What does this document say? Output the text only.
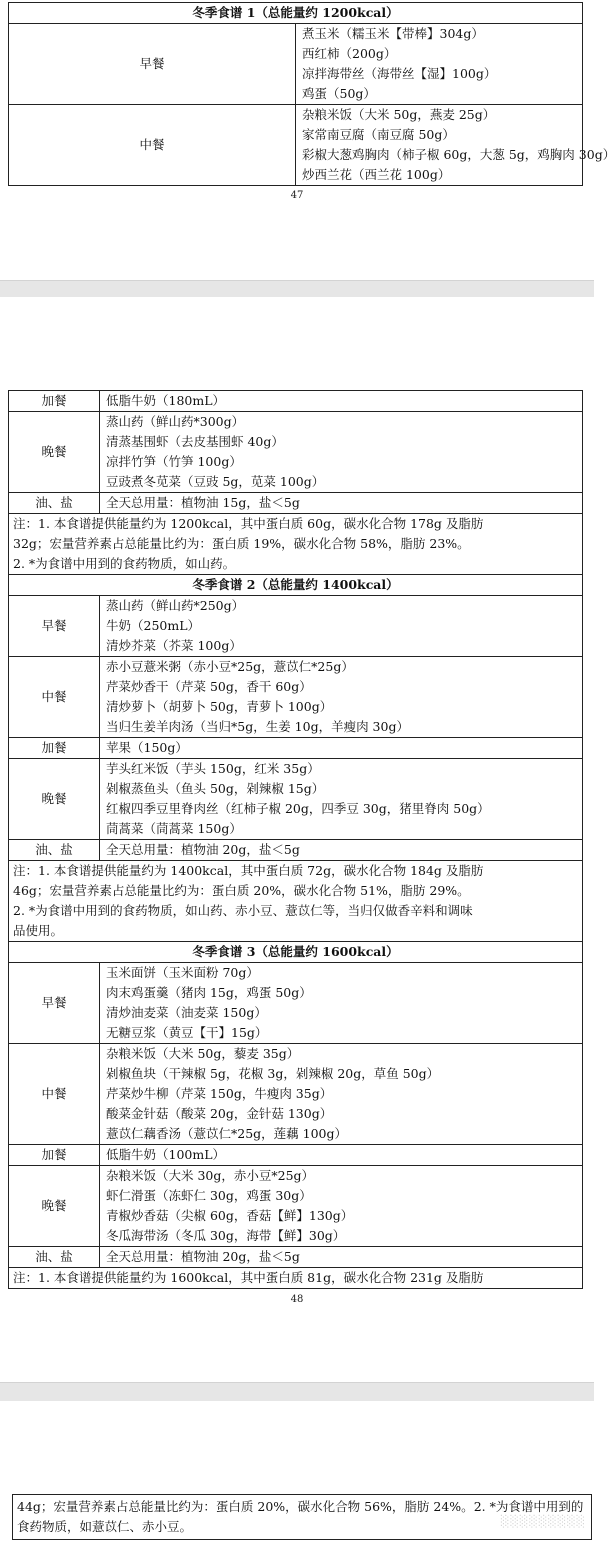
冬季食谱 1（总能量约 1200kcal）	
早餐	煮玉米（糯玉米【带棒】304g）
西红柿（200g）
凉拌海带丝（海带丝【湿】100g）
鸡蛋（50g）

中餐	杂粮米饭（大米 50g，燕麦 25g）
家常南豆腐（南豆腐 50g）
彩椒大葱鸡胸肉（柿子椒 60g，大葱 5g，鸡胸肉 30g）
炒西兰花（西兰花 100g）
47
加餐	低脂牛奶（180mL）

晚餐	蒸山药（鲜山药*300g）
清蒸基围虾（去皮基围虾 40g）
凉拌竹笋（竹笋 100g）
豆豉煮冬苋菜（豆豉 5g，苋菜 100g）

油、盐	全天总用量：植物油 15g，盐＜5g

注：1. 本食谱提供能量约为 1200kcal，其中蛋白质 60g，碳水化合物 178g 及脂肪
32g；宏量营养素占总能量比约为：蛋白质 19%，碳水化合物 58%，脂肪 23%。
2. *为食谱中用到的食药物质，如山药。	

冬季食谱 2（总能量约 1400kcal）	
早餐	蒸山药（鲜山药*250g）
牛奶（250mL）
清炒芥菜（芥菜 100g）

中餐	赤小豆薏米粥（赤小豆*25g，薏苡仁*25g）
芹菜炒香干（芹菜 50g，香干 60g）
清炒萝卜（胡萝卜 50g，青萝卜 100g）
当归生姜羊肉汤（当归*5g，生姜 10g，羊瘦肉 30g）

加餐	苹果（150g）

晚餐	芋头红米饭（芋头 150g，红米 35g）
剁椒蒸鱼头（鱼头 50g，剁辣椒 15g）
红椒四季豆里脊肉丝（红柿子椒 20g，四季豆 30g，猪里脊肉 50g）
茼蒿菜（茼蒿菜 150g）

油、盐	全天总用量：植物油 20g，盐＜5g

注：1. 本食谱提供能量约为 1400kcal，其中蛋白质 72g，碳水化合物 184g 及脂肪
46g；宏量营养素占总能量比约为：蛋白质 20%，碳水化合物 51%，脂肪 29%。
2. *为食谱中用到的食药物质，如山药、赤小豆、薏苡仁等，当归仅做香辛料和调味
品使用。	

冬季食谱 3（总能量约 1600kcal）	
早餐	玉米面饼（玉米面粉 70g）
肉末鸡蛋羹（猪肉 15g，鸡蛋 50g）
清炒油麦菜（油麦菜 150g）
无糖豆浆（黄豆【干】15g）

中餐	杂粮米饭（大米 50g，藜麦 35g）
剁椒鱼块（干辣椒 5g，花椒 3g，剁辣椒 20g，草鱼 50g）
芹菜炒牛柳（芹菜 150g，牛瘦肉 35g）
酸菜金针菇（酸菜 20g，金针菇 130g）
薏苡仁藕香汤（薏苡仁*25g，莲藕 100g）

加餐	低脂牛奶（100mL）

晚餐	杂粮米饭（大米 30g，赤小豆*25g）
虾仁滑蛋（冻虾仁 30g，鸡蛋 30g）
青椒炒香菇（尖椒 60g，香菇【鲜】130g）
冬瓜海带汤（冬瓜 30g，海带【鲜】30g）

油、盐	全天总用量：植物油 20g，盐＜5g

注：1. 本食谱提供能量约为 1600kcal，其中蛋白质 81g，碳水化合物 231g 及脂肪	
48
44g；宏量营养素占总能量比约为：蛋白质 20%，碳水化合物 56%，脂肪 24%。2. *为食谱中用到的食药物质，如薏苡仁、赤小豆。	░░░░░░░░░
